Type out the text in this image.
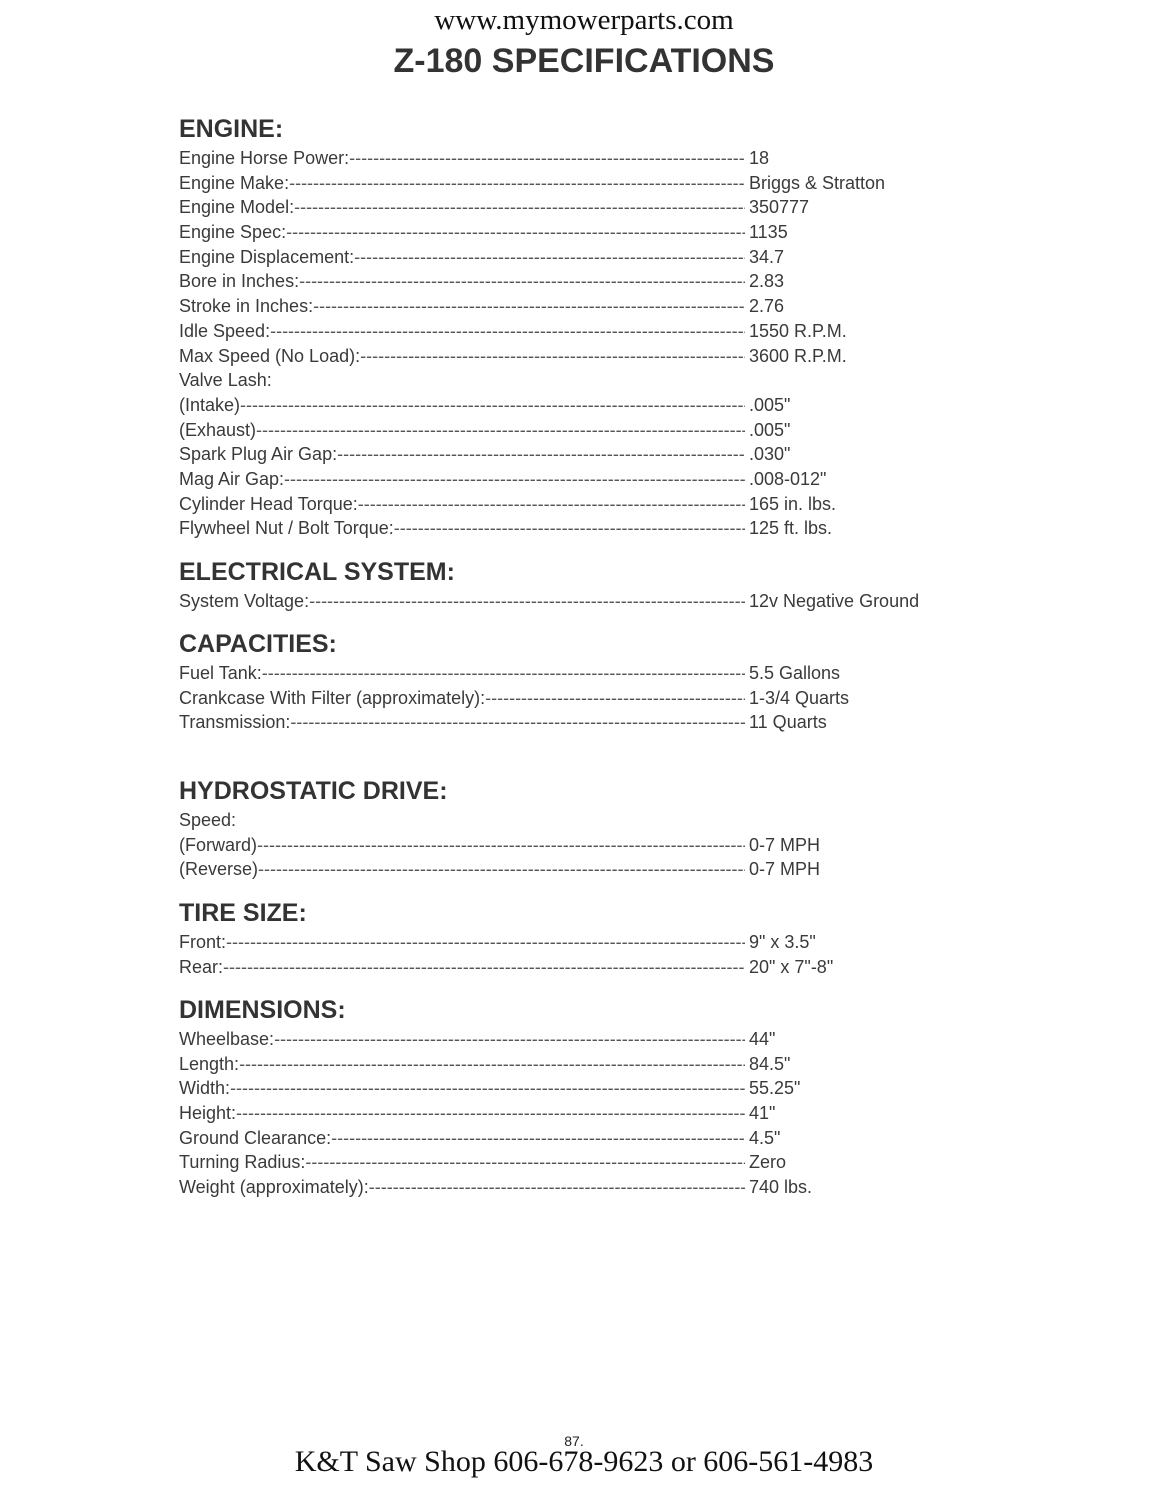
www.mymowerparts.com
Z-180 SPECIFICATIONS
ENGINE:
Engine Horse Power: -----	18
Engine Make: -----	Briggs & Stratton
Engine Model: -----	350777
Engine Spec: -----	1135
Engine Displacement: -----	34.7
Bore in Inches: -----	2.83
Stroke in Inches: -----	2.76
Idle Speed: -----	1550 R.P.M.
Max Speed (No Load): -----	3600 R.P.M.
Valve Lash:
(Intake) -----	.005"
(Exhaust) -----	.005"
Spark Plug Air Gap: -----	.030"
Mag Air Gap: -----	.008-012"
Cylinder Head Torque: -----	165 in. lbs.
Flywheel Nut / Bolt Torque: -----	125 ft. lbs.
ELECTRICAL SYSTEM:
System Voltage: -----	12v Negative Ground
CAPACITIES:
Fuel Tank: -----	5.5 Gallons
Crankcase With Filter (approximately): -----	1-3/4 Quarts
Transmission: -----	11 Quarts
HYDROSTATIC DRIVE:
Speed:
(Forward) -----	0-7 MPH
(Reverse) -----	0-7 MPH
TIRE SIZE:
Front: -----	9" x 3.5"
Rear: -----	20" x 7"-8"
DIMENSIONS:
Wheelbase: -----	44"
Length: -----	84.5"
Width: -----	55.25"
Height: -----	41"
Ground Clearance: -----	4.5"
Turning Radius: -----	Zero
Weight (approximately): -----	740 lbs.
87.
K&T Saw Shop 606-678-9623 or 606-561-4983
